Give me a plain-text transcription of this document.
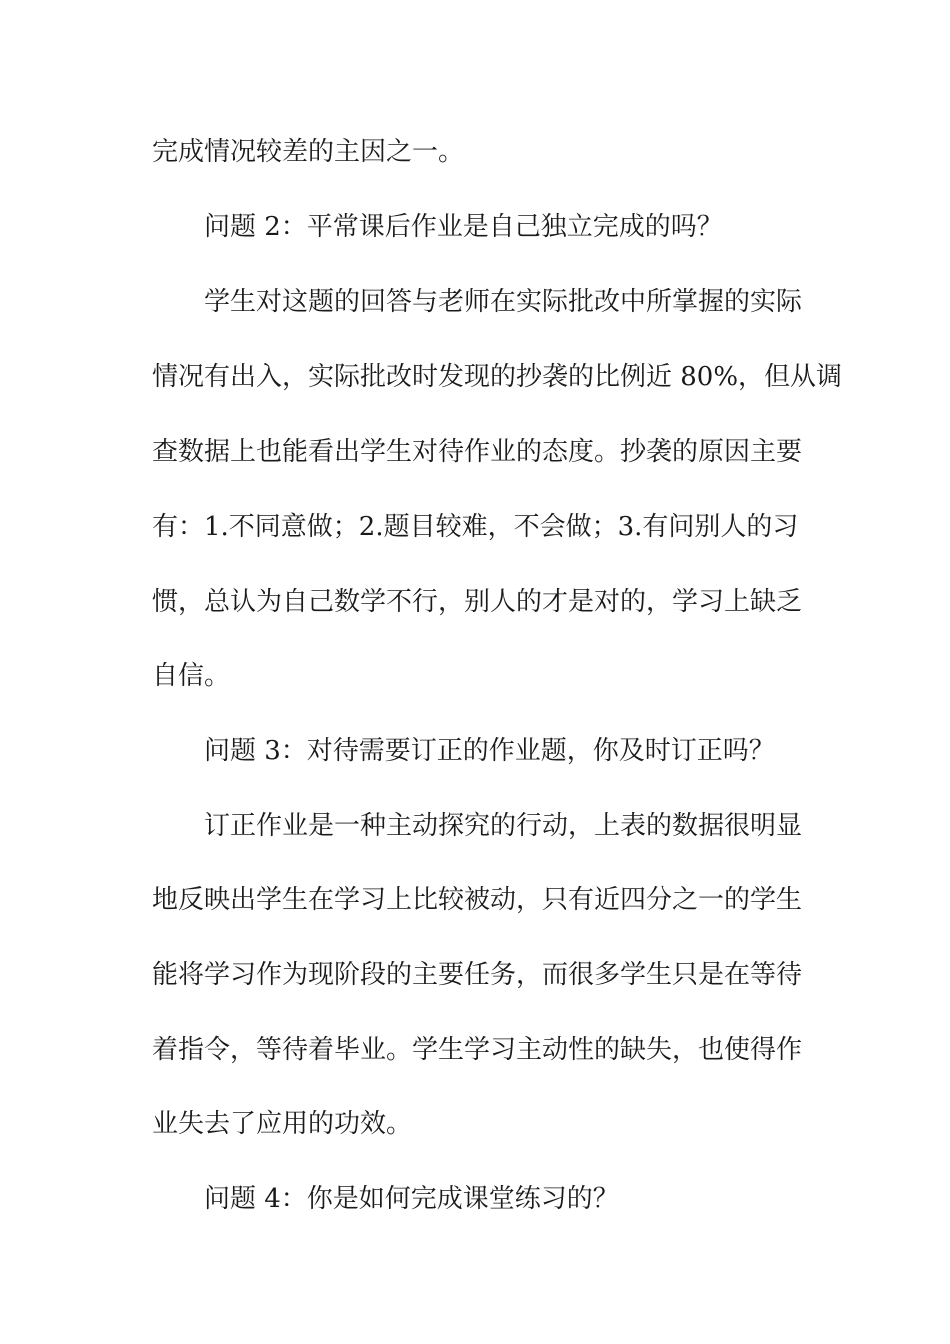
完成情况较差的主因之一。

问题 2：平常课后作业是自己独立完成的吗？

学生对这题的回答与老师在实际批改中所掌握的实际

情况有出入，实际批改时发现的抄袭的比例近 80%，但从调

查数据上也能看出学生对待作业的态度。抄袭的原因主要

有：1.不同意做；2.题目较难，不会做；3.有问别人的习

惯，总认为自己数学不行，别人的才是对的，学习上缺乏

自信。

问题 3：对待需要订正的作业题，你及时订正吗？

订正作业是一种主动探究的行动，上表的数据很明显

地反映出学生在学习上比较被动，只有近四分之一的学生

能将学习作为现阶段的主要任务，而很多学生只是在等待

着指令，等待着毕业。学生学习主动性的缺失，也使得作

业失去了应用的功效。

问题 4：你是如何完成课堂练习的？
